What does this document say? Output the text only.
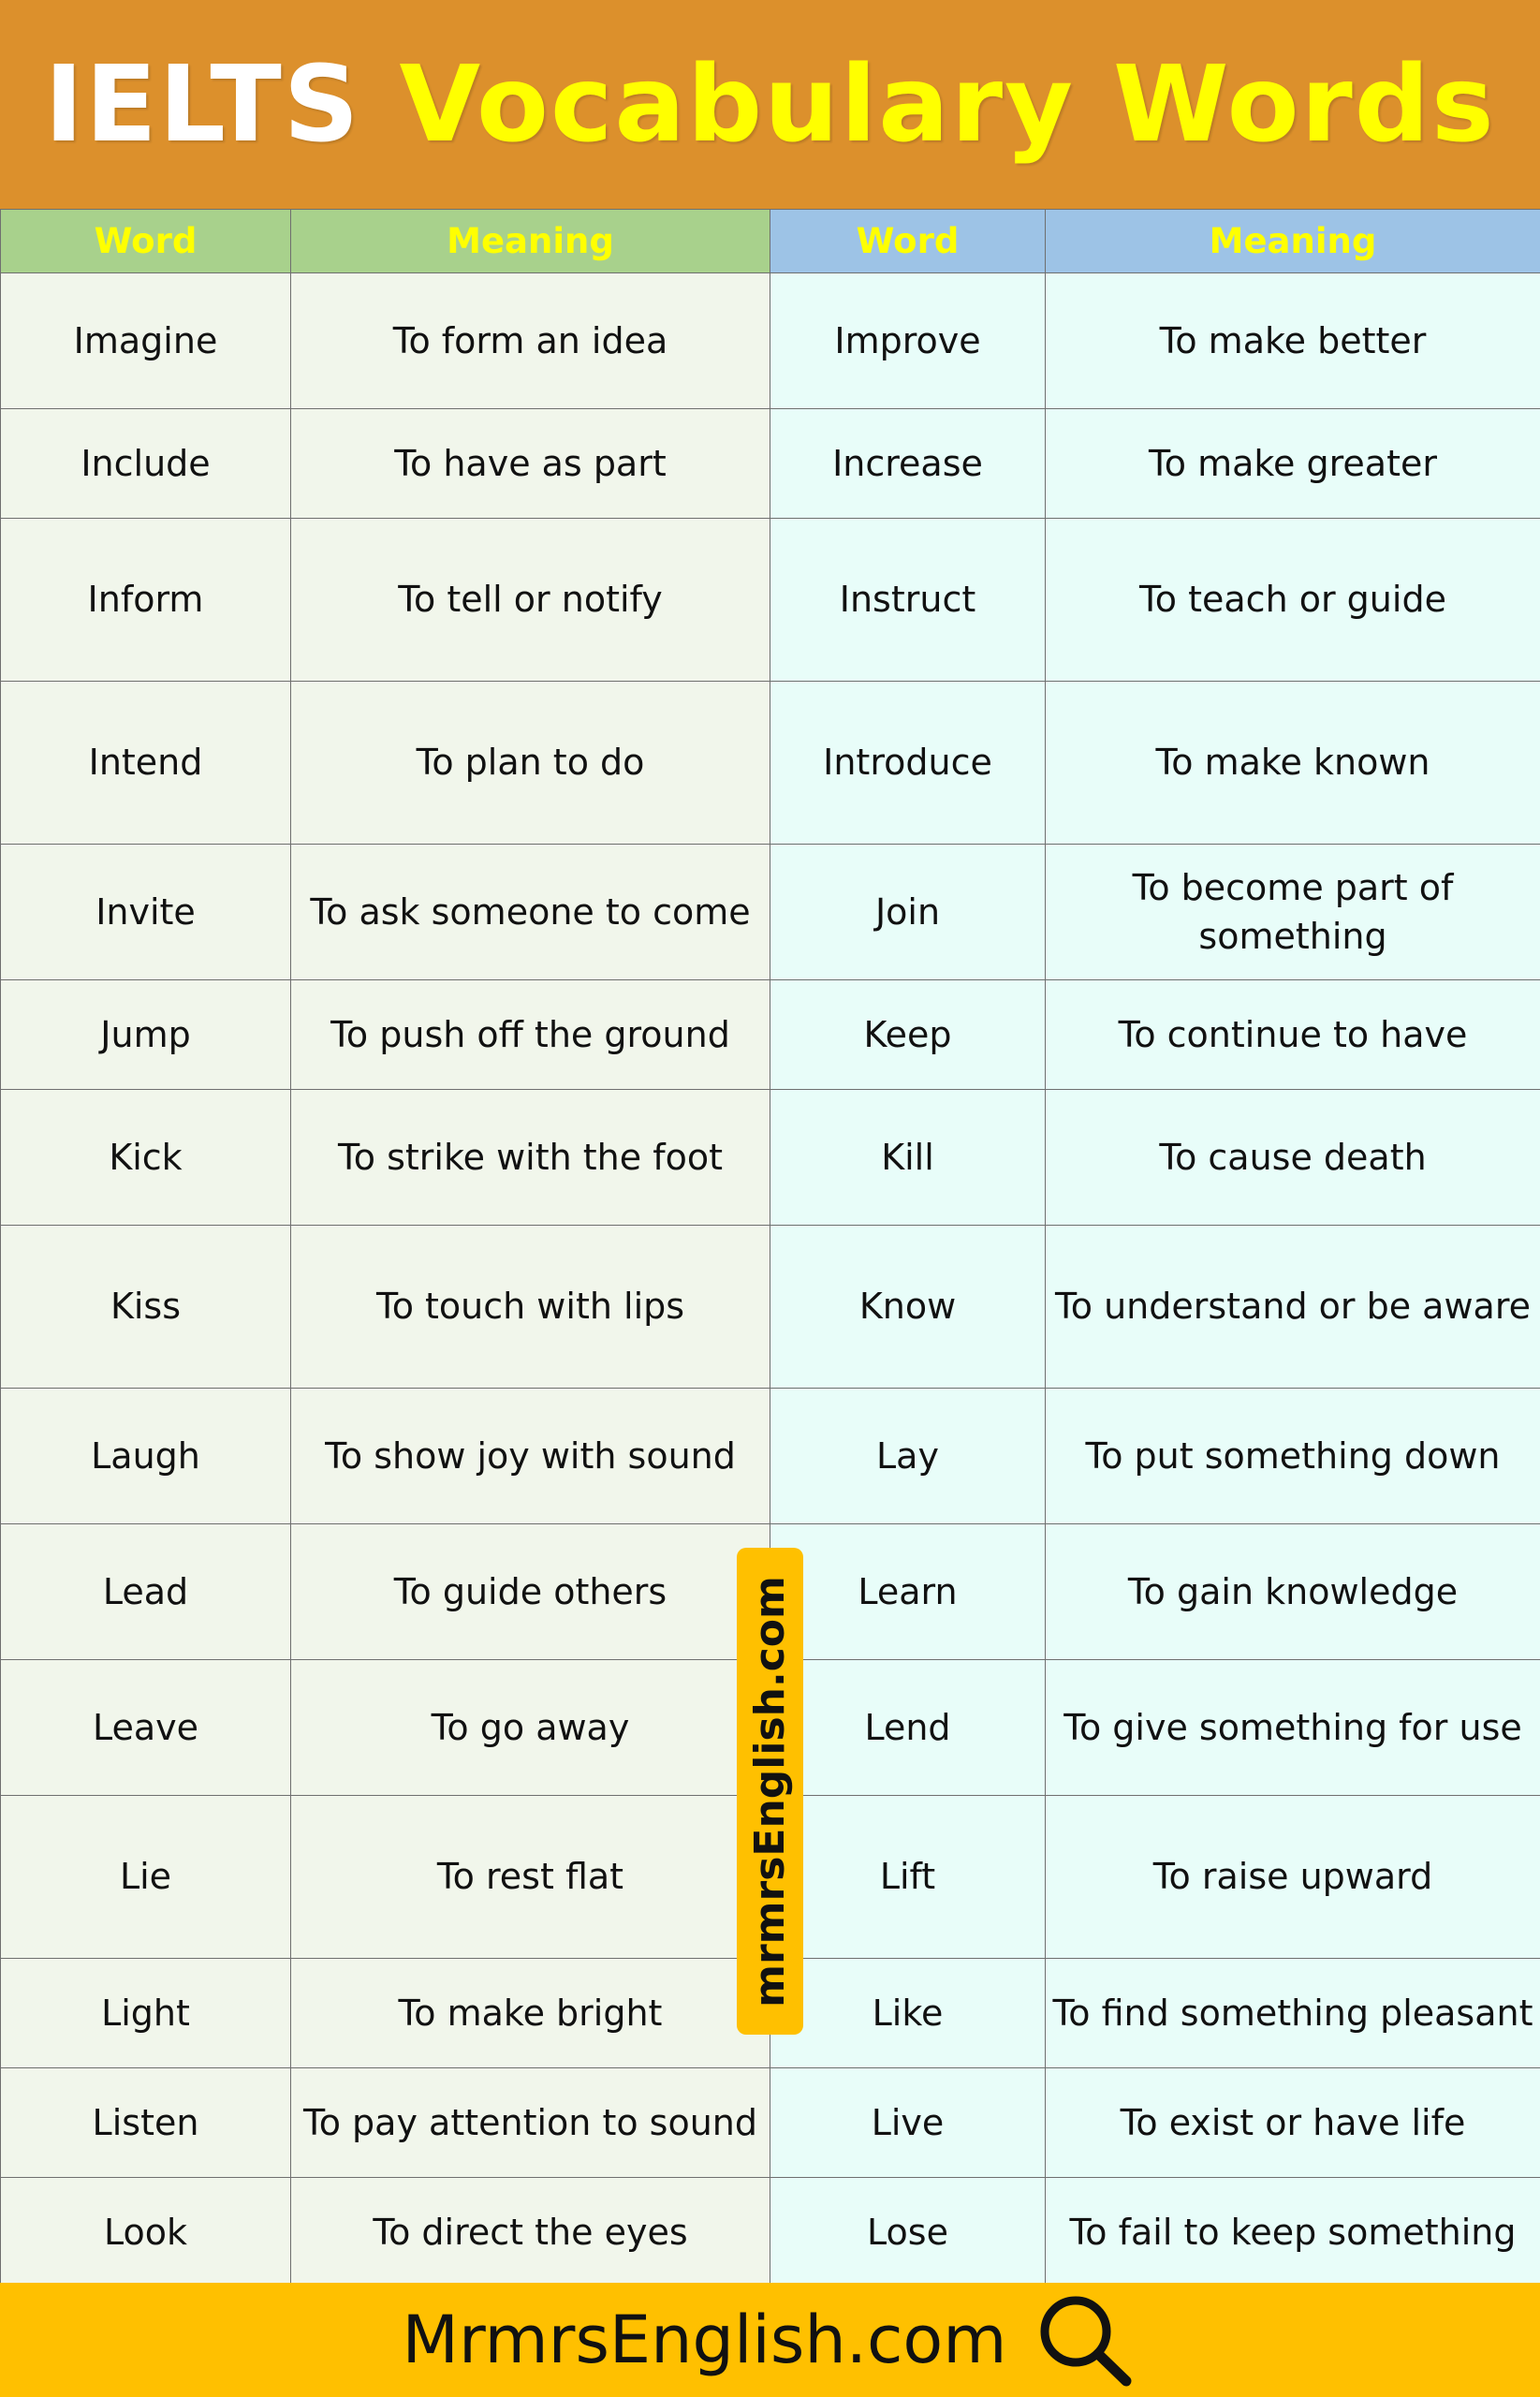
IELTS Vocabulary Words
Word	Meaning	Word	Meaning
Imagine	To form an idea	Improve	To make better
Include	To have as part	Increase	To make greater
Inform	To tell or notify	Instruct	To teach or guide
Intend	To plan to do	Introduce	To make known
Invite	To ask someone to come	Join	To become part of something
Jump	To push off the ground	Keep	To continue to have
Kick	To strike with the foot	Kill	To cause death
Kiss	To touch with lips	Know	To understand or be aware
Laugh	To show joy with sound	Lay	To put something down
Lead	To guide others	Learn	To gain knowledge
Leave	To go away	Lend	To give something for use
Lie	To rest flat	Lift	To raise upward
Light	To make bright	Like	To find something pleasant
Listen	To pay attention to sound	Live	To exist or have life
Look	To direct the eyes	Lose	To fail to keep something
mrmrsEnglish.com
MrmrsEnglish.com
